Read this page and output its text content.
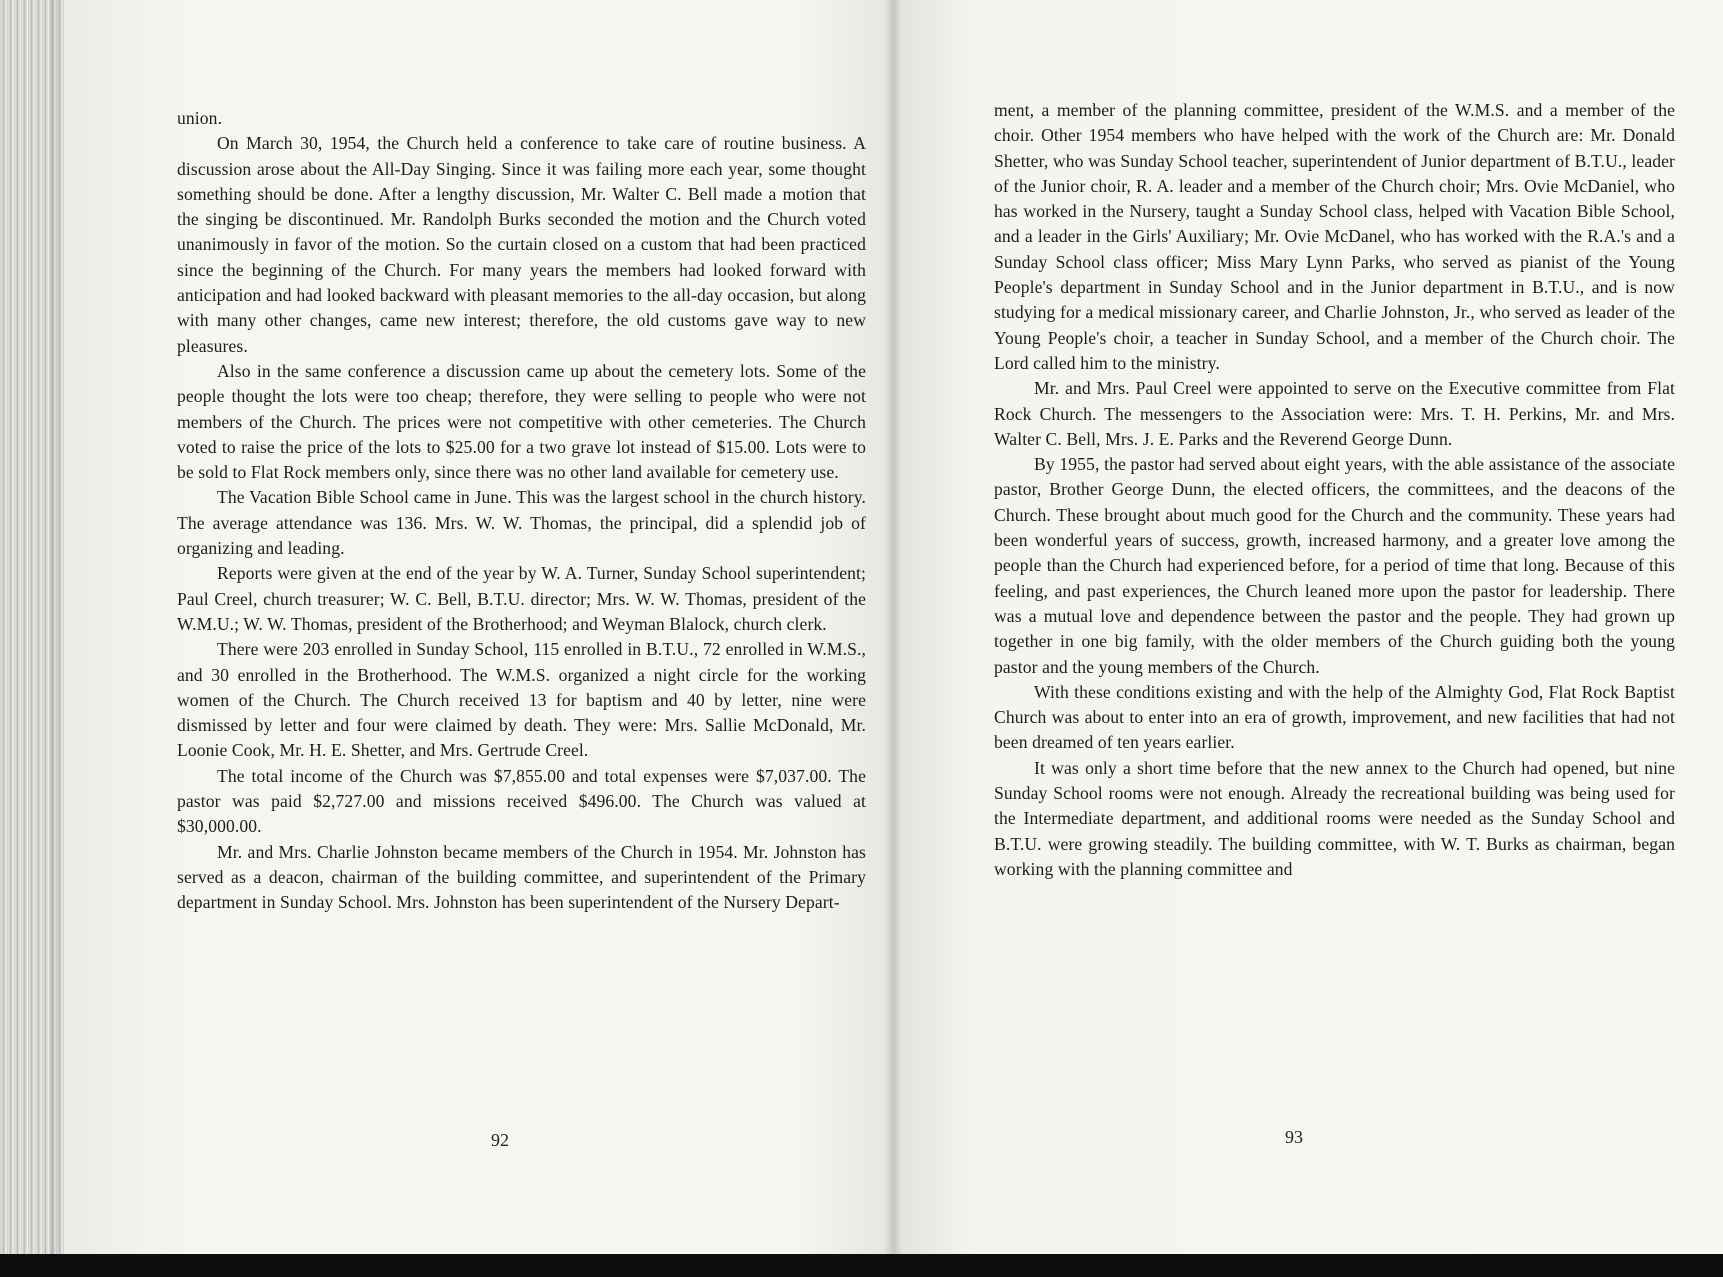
union.

On March 30, 1954, the Church held a conference to take care of routine business. A discussion arose about the All-Day Singing. Since it was failing more each year, some thought something should be done. After a lengthy discussion, Mr. Walter C. Bell made a motion that the singing be discontinued. Mr. Randolph Burks seconded the motion and the Church voted unanimously in favor of the motion. So the curtain closed on a custom that had been practiced since the beginning of the Church. For many years the members had looked forward with anticipation and had looked backward with pleasant memories to the all-day occasion, but along with many other changes, came new interest; therefore, the old customs gave way to new pleasures.

Also in the same conference a discussion came up about the cemetery lots. Some of the people thought the lots were too cheap; therefore, they were selling to people who were not members of the Church. The prices were not competitive with other cemeteries. The Church voted to raise the price of the lots to $25.00 for a two grave lot instead of $15.00. Lots were to be sold to Flat Rock members only, since there was no other land available for cemetery use.

The Vacation Bible School came in June. This was the largest school in the church history. The average attendance was 136. Mrs. W. W. Thomas, the principal, did a splendid job of organizing and leading.

Reports were given at the end of the year by W. A. Turner, Sunday School superintendent; Paul Creel, church treasurer; W. C. Bell, B.T.U. director; Mrs. W. W. Thomas, president of the W.M.U.; W. W. Thomas, president of the Brotherhood; and Weyman Blalock, church clerk.

There were 203 enrolled in Sunday School, 115 enrolled in B.T.U., 72 enrolled in W.M.S., and 30 enrolled in the Brotherhood. The W.M.S. organized a night circle for the working women of the Church. The Church received 13 for baptism and 40 by letter, nine were dismissed by letter and four were claimed by death. They were: Mrs. Sallie McDonald, Mr. Loonie Cook, Mr. H. E. Shetter, and Mrs. Gertrude Creel.

The total income of the Church was $7,855.00 and total expenses were $7,037.00. The pastor was paid $2,727.00 and missions received $496.00. The Church was valued at $30,000.00.

Mr. and Mrs. Charlie Johnston became members of the Church in 1954. Mr. Johnston has served as a deacon, chairman of the building committee, and superintendent of the Primary department in Sunday School. Mrs. Johnston has been superintendent of the Nursery Depart-

92

ment, a member of the planning committee, president of the W.M.S. and a member of the choir. Other 1954 members who have helped with the work of the Church are: Mr. Donald Shetter, who was Sunday School teacher, superintendent of Junior department of B.T.U., leader of the Junior choir, R. A. leader and a member of the Church choir; Mrs. Ovie McDaniel, who has worked in the Nursery, taught a Sunday School class, helped with Vacation Bible School, and a leader in the Girls' Auxiliary; Mr. Ovie McDanel, who has worked with the R.A.'s and a Sunday School class officer; Miss Mary Lynn Parks, who served as pianist of the Young People's department in Sunday School and in the Junior department in B.T.U., and is now studying for a medical missionary career, and Charlie Johnston, Jr., who served as leader of the Young People's choir, a teacher in Sunday School, and a member of the Church choir. The Lord called him to the ministry.

Mr. and Mrs. Paul Creel were appointed to serve on the Executive committee from Flat Rock Church. The messengers to the Association were: Mrs. T. H. Perkins, Mr. and Mrs. Walter C. Bell, Mrs. J. E. Parks and the Reverend George Dunn.

By 1955, the pastor had served about eight years, with the able assistance of the associate pastor, Brother George Dunn, the elected officers, the committees, and the deacons of the Church. These brought about much good for the Church and the community. These years had been wonderful years of success, growth, increased harmony, and a greater love among the people than the Church had experienced before, for a period of time that long. Because of this feeling, and past experiences, the Church leaned more upon the pastor for leadership. There was a mutual love and dependence between the pastor and the people. They had grown up together in one big family, with the older members of the Church guiding both the young pastor and the young members of the Church.

With these conditions existing and with the help of the Almighty God, Flat Rock Baptist Church was about to enter into an era of growth, improvement, and new facilities that had not been dreamed of ten years earlier.

It was only a short time before that the new annex to the Church had opened, but nine Sunday School rooms were not enough. Already the recreational building was being used for the Intermediate department, and additional rooms were needed as the Sunday School and B.T.U. were growing steadily. The building committee, with W. T. Burks as chairman, began working with the planning committee and

93
